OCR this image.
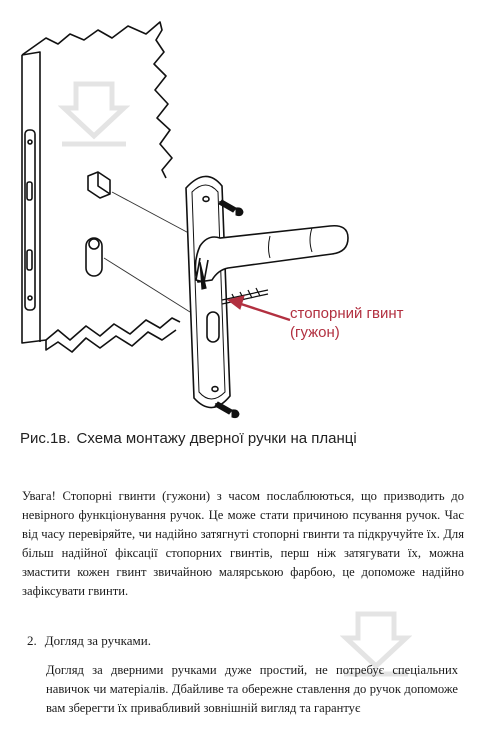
стопорний гвинт
(гужон)
Рис.1в. Схема монтажу дверної ручки на планці

Увага! Стопорні гвинти (гужони) з часом послаблюються, що призводить до невірного функціонування ручок. Це може стати причиною псування ручок. Час від часу перевіряйте, чи надійно затягнуті стопорні гвинти та підкручуйте їх. Для більш надійної фіксації стопорних гвинтів, перш ніж затягувати їх, можна змастити кожен гвинт звичайною малярською фарбою, це допоможе надійно зафіксувати гвинти.

2. Догляд за ручками.

Догляд за дверними ручками дуже простий, не потребує спеціальних навичок чи матеріалів. Дбайливе та обережне ставлення до ручок допоможе вам зберегти їх привабливий зовнішній вигляд та гарантує
